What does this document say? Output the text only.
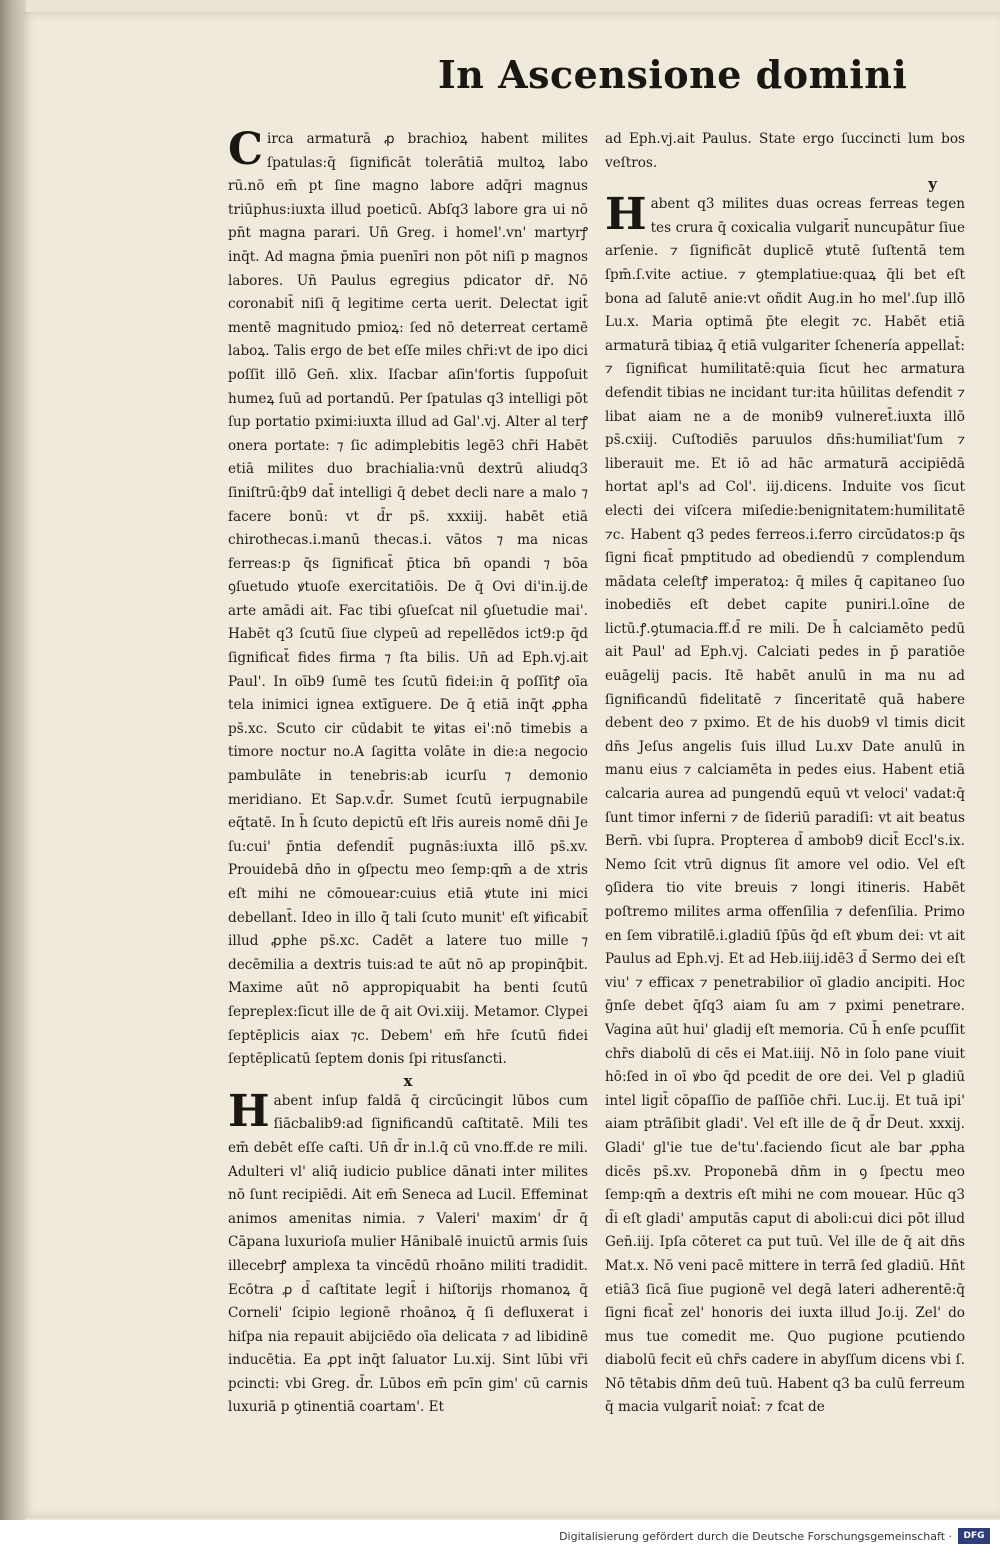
In Ascensione domini

Circa armaturā ꝓ brachioꝝ habent milites ſpatulas:q̄ ſignificāt tolerātiā multoꝝ labo rū.nō em̄ pt ſine magno labore adq̄ri magnus triūphus:iuxta illud poeticū. Abſq3 labore gra ui nō pn̄t magna parari. Un̄ Greg. i homel'.vn' martyrꝭ inq̄t. Ad magna p̄mia puenīri non pōt niſi p magnos labores. Un̄ Paulus egregius pdicator dr̄. Nō coronabit̄ niſi q̄ legitime certa uerit. Delectat igit̄ mentē magnitudo pmioꝝ: ſed nō deterreat certamē laboꝝ. Talis ergo de bet eſſe miles chr̄i:vt de ipo dici poſſit illō Gen̄. xlix. Iſacbar aſin'fortis ſuppoſuit humeꝝ ſuū ad portandū. Per ſpatulas q3 intelligi pōt ſup portatio pximi:iuxta illud ad Gal'.vj. Alter al terꝭ onera portate: ⁊ ſic adimplebitis legē3 chr̄i Habēt etiā milites duo brachialia:vnū dextrū aliudq3 ſiniſtrū:q̄b9 dat̄ intelligi q̄ debet decli nare a malo ⁊ facere bonū: vt d̄r ps̄. xxxiij. habēt etiā chirothecas.i.manū thecas.i. vātos ⁊ ma nicas ferreas:p q̄s ſignificat̄ p̄tica bn̄ opandi ⁊ bōa ꝯſuetudo ꝟtuoſe exercitatiōis. De q̄ Ovi di'in.ij.de arte amādi ait. Fac tibi ꝯſueſcat nil ꝯſuetudie mai'. Habēt q3 ſcutū ſiue clypeū ad repellēdos ict9:p q̄d ſignificat̄ fides firma ⁊ ſta bilis. Un̄ ad Eph.vj.ait Paul'. In oīb9 ſumē tes ſcutū fidei:in q̄ poſſitꝭ oīa tela inimici ignea extīguere. De q̄ etiā inq̄t ꝓpha ps̄.xc. Scuto cir cūdabit te ꝟitas ei':nō timebis a timore noctur no.A ſagitta volāte in die:a negocio pambulāte in tenebris:ab icurſu ⁊ demonio meridiano. Et Sap.v.d̄r. Sumet ſcutū ierpugnabile eq̄tatē. In h̄ ſcuto depictū eſt lr̄is aureis nomē dn̄i Je ſu:cui' p̄ntia defendit̄ pugnās:iuxta illō ps̄.xv. Prouidebā dn̄o in ꝯſpectu meo ſemp:qm̄ a de xtris eſt mihi ne cōmouear:cuius etiā ꝟtute ini mici debellant̄. Ideo in illo q̄ tali ſcuto munit' eſt ꝟificabit̄ illud ꝓphe ps̄.xc. Cadēt a latere tuo mille ⁊ decēmilia a dextris tuis:ad te aūt nō ap propinq̄bit. Maxime aūt nō appropiquabit ha benti ſcutū ſepreplex:ſicut ille de q̄ ait Ovi.xiij. Metamor. Clypei ſeptēplicis aiax ⁊c. Debem' em̄ hr̄e ſcutū fidei ſeptēplicatū ſeptem donis ſpi ritusſancti.

x

Habent inſup faldā q̄ circūcingit lūbos cum ſiācbalib9:ad ſignificandū caſtitatē. Mili tes em̄ debēt eſſe caſti. Un̄ d̄r in.l.q̄ cū vno.ff.de re mili. Adulteri vl' aliq̄ iudicio publice dānati inter milites nō ſunt recipiēdi. Ait em̄ Seneca ad Lucil. Effeminat animos amenitas nimia. ⁊ Valeri' maxim' d̄r q̄ Cāpana luxurioſa mulier Hānibalē inuictū armis ſuis illecebrꝭ amplexa ta vincēdū rhoāno militi tradidit. Ecōtra ꝓ d̄ caſtitate legit̄ i hiſtorijs rhomanoꝝ q̄ Corneli' ſcipio legionē rhoānoꝝ q̄ ſi defluxerat i hiſpa nia repauit abijciēdo oīa delicata ⁊ ad libidinē inducētia. Ea ꝓpt inq̄t ſaluator Lu.xij. Sint lūbi vr̄i pcincti: vbi Greg. d̄r. Lūbos em̄ pcīn gim' cū carnis luxuriā p ꝯtinentiā coartam'. Et

ad Eph.vj.ait Paulus. State ergo ſuccincti lum bos veſtros.

y

Habent q3 milites duas ocreas ferreas tegen tes crura q̄ coxicalia vulgarit̄ nuncupātur ſiue arſenie. ⁊ ſignificāt duplicē ꝟtutē ſuſtentā tem ſpm̄.ſ.vite actiue. ⁊ ꝯtemplatiue:quaꝝ q̄li bet eſt bona ad ſalutē anie:vt oñdit Aug.in ho mel'.ſup illō Lu.x. Maria optimā p̄te elegit ⁊c. Habēt etiā armaturā tibiaꝝ q̄ etiā vulgariter ſchenería appellat̄: ⁊ ſignificat humilitatē:quia ſicut hec armatura defendit tibias ne incidant tur:ita hūilitas defendit ⁊ libat aiam ne a de monib9 vulneret̄.iuxta illō ps̄.cxiij. Cuſtodiēs paruulos dn̄s:humiliat'ſum ⁊ liberauit me. Et iō ad hāc armaturā accipiēdā hortat apl's ad Col'. iij.dicens. Induite vos ſicut electi dei viſcera miſedie:benignitatem:humilitatē ⁊c. Habent q3 pedes ferreos.i.ferro circūdatos:p q̄s ſigni ficat̄ pmptitudo ad obediendū ⁊ complendum mādata celeſtꝭ imperatoꝝ: q̄ miles q̄ capitaneo ſuo inobediēs eſt debet capite puniri.l.oīne de lictū.ꝭ.ꝯtumacia.ff.d̄ re mili. De h̄ calciamēto pedū ait Paul' ad Eph.vj. Calciati pedes in p̄ paratiōe euāgelij pacis. Itē habēt anulū in ma nu ad ſignificandū fidelitatē ⁊ ſinceritatē quā habere debent deo ⁊ pximo. Et de his duob9 vl timis dicit dn̄s Jeſus angelis ſuis illud Lu.xv Date anulū in manu eius ⁊ calciamēta in pedes eius. Habent etiā calcaria aurea ad pungendū equū vt veloci' vadat:q̄ ſunt timor inferni ⁊ de ſideriū paradiſi: vt ait beatus Bern̄. vbi ſupra. Propterea d̄ ambob9 dicit̄ Eccl's.ix. Nemo ſcit vtrū dignus ſit amore vel odio. Vel eſt ꝯſidera tio vite breuis ⁊ longi itineris. Habēt poſtremo milites arma offenſilia ⁊ defenſilia. Primo en ſem vibratilē.i.gladiū ſp̄ūs q̄d eſt ꝟbum dei: vt ait Paulus ad Eph.vj. Et ad Heb.iiij.idē3 d̄ Sermo dei eſt viu' ⁊ efficax ⁊ penetrabilior oī gladio ancipiti. Hoc ḡnſe debet q̄ſq3 aiam ſu am ⁊ pximi penetrare. Vagina aūt hui' gladij eſt memoria. Cū h̄ enſe pcuſſit chr̄s diabolū di cēs ei Mat.iiij. Nō in ſolo pane viuit hō:ſed in oī ꝟbo q̄d pcedit de ore dei. Vel p gladiū intel ligit̄ cōpaſſio de paſſiōe chr̄i. Luc.ij. Et tuā ipi' aiam ptrāſibit gladi'. Vel eſt ille de q̄ d̄r Deut. xxxij. Gladi' gl'ie tue de'tu'.faciendo ſicut ale bar ꝓpha dicēs ps̄.xv. Proponebā dn̄m in ꝯ ſpectu meo ſemp:qm̄ a dextris eſt mihi ne com mouear. Hūc q3 d̄i eſt gladi' amputās caput di aboli:cui dici pōt illud Gen̄.iij. Ipſa cōteret ca put tuū. Vel ille de q̄ ait dn̄s Mat.x. Nō veni pacē mittere in terrā ſed gladiū. Hn̄t etiā3 ſicā ſiue pugionē vel degā lateri adherentē:q̄ ſigni ficat̄ zel' honoris dei iuxta illud Jo.ij. Zel' do mus tue comedit me. Quo pugione pcutiendo diabolū fecit eū chr̄s cadere in abyſſum dicens vbi ſ. Nō tētabis dn̄m deū tuū. Habent q3 ba culū ferreum q̄ macia vulgarit̄ noiat̄: ⁊ fcat de

Digitalisierung gefördert durch die Deutsche Forschungsgemeinschaft ·	DFG
